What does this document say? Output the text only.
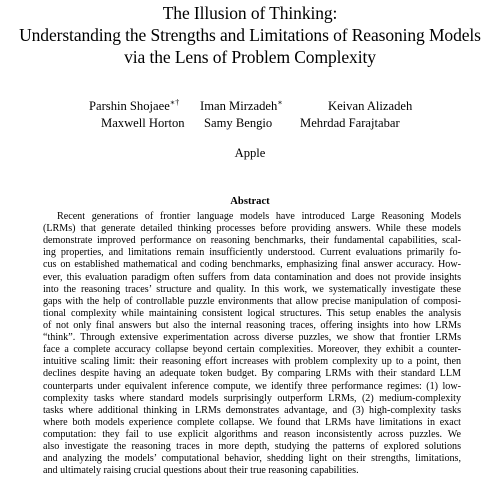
The Illusion of Thinking:
Understanding the Strengths and Limitations of Reasoning Models
via the Lens of Problem Complexity
Parshin Shojaee∗† Iman Mirzadeh∗	Keivan Alizadeh
Maxwell Horton Samy Bengio Mehrdad Farajtabar
Apple
Abstract
Recent generations of frontier language models have introduced Large Reasoning Models
(LRMs) that generate detailed thinking processes before providing answers. While these models
demonstrate improved performance on reasoning benchmarks, their fundamental capabilities, scal-
ing properties, and limitations remain insufficiently understood. Current evaluations primarily fo-
cus on established mathematical and coding benchmarks, emphasizing final answer accuracy. How-
ever, this evaluation paradigm often suffers from data contamination and does not provide insights
into the reasoning traces’ structure and quality. In this work, we systematically investigate these
gaps with the help of controllable puzzle environments that allow precise manipulation of composi-
tional complexity while maintaining consistent logical structures. This setup enables the analysis
of not only final answers but also the internal reasoning traces, offering insights into how LRMs
“think”. Through extensive experimentation across diverse puzzles, we show that frontier LRMs
face a complete accuracy collapse beyond certain complexities. Moreover, they exhibit a counter-
intuitive scaling limit: their reasoning effort increases with problem complexity up to a point, then
declines despite having an adequate token budget. By comparing LRMs with their standard LLM
counterparts under equivalent inference compute, we identify three performance regimes: (1) low-
complexity tasks where standard models surprisingly outperform LRMs, (2) medium-complexity
tasks where additional thinking in LRMs demonstrates advantage, and (3) high-complexity tasks
where both models experience complete collapse. We found that LRMs have limitations in exact
computation: they fail to use explicit algorithms and reason inconsistently across puzzles. We
also investigate the reasoning traces in more depth, studying the patterns of explored solutions
and analyzing the models’ computational behavior, shedding light on their strengths, limitations,
and ultimately raising crucial questions about their true reasoning capabilities.
